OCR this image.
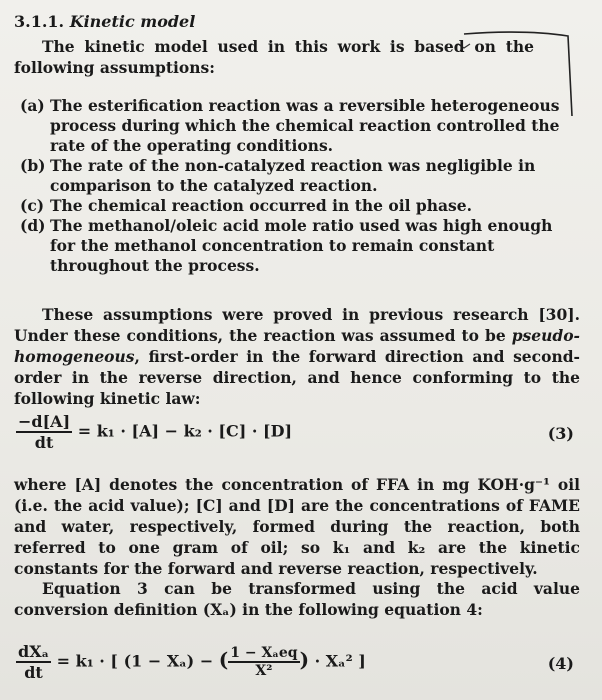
3.1.1. Kinetic model

The kinetic model used in this work is based on the following assumptions:

(a) The esterification reaction was a reversible heterogeneous process during which the chemical reaction controlled the rate of the operating conditions.
(b) The rate of the non-catalyzed reaction was negligible in comparison to the catalyzed reaction.
(c) The chemical reaction occurred in the oil phase.
(d) The methanol/oleic acid mole ratio used was high enough for the methanol concentration to remain constant throughout the process.

These assumptions were proved in previous research [30]. Under these conditions, the reaction was assumed to be pseudo-homogeneous, first-order in the forward direction and second-order in the reverse direction, and hence conforming to the following kinetic law:

$\frac{-d[A]}{dt} = k_1 \cdot [A] - k_2 \cdot [C] \cdot [D]$	(3)

where [A] denotes the concentration of FFA in mg KOH·g⁻¹ oil (i.e. the acid value); [C] and [D] are the concentrations of FAME and water, respectively, formed during the reaction, both referred to one gram of oil; so k₁ and k₂ are the kinetic constants for the forward and reverse reaction, respectively.

Equation 3 can be transformed using the acid value conversion definition (Xₐ) in the following equation 4:

$\frac{\text{dXₐ}}{dt} = k_1$ · [ (1 − Xₐ) − ( $\frac{\text{1 − Xₐeq}}{\text{X²}}$ ) · Xₐ² ]	(4)
